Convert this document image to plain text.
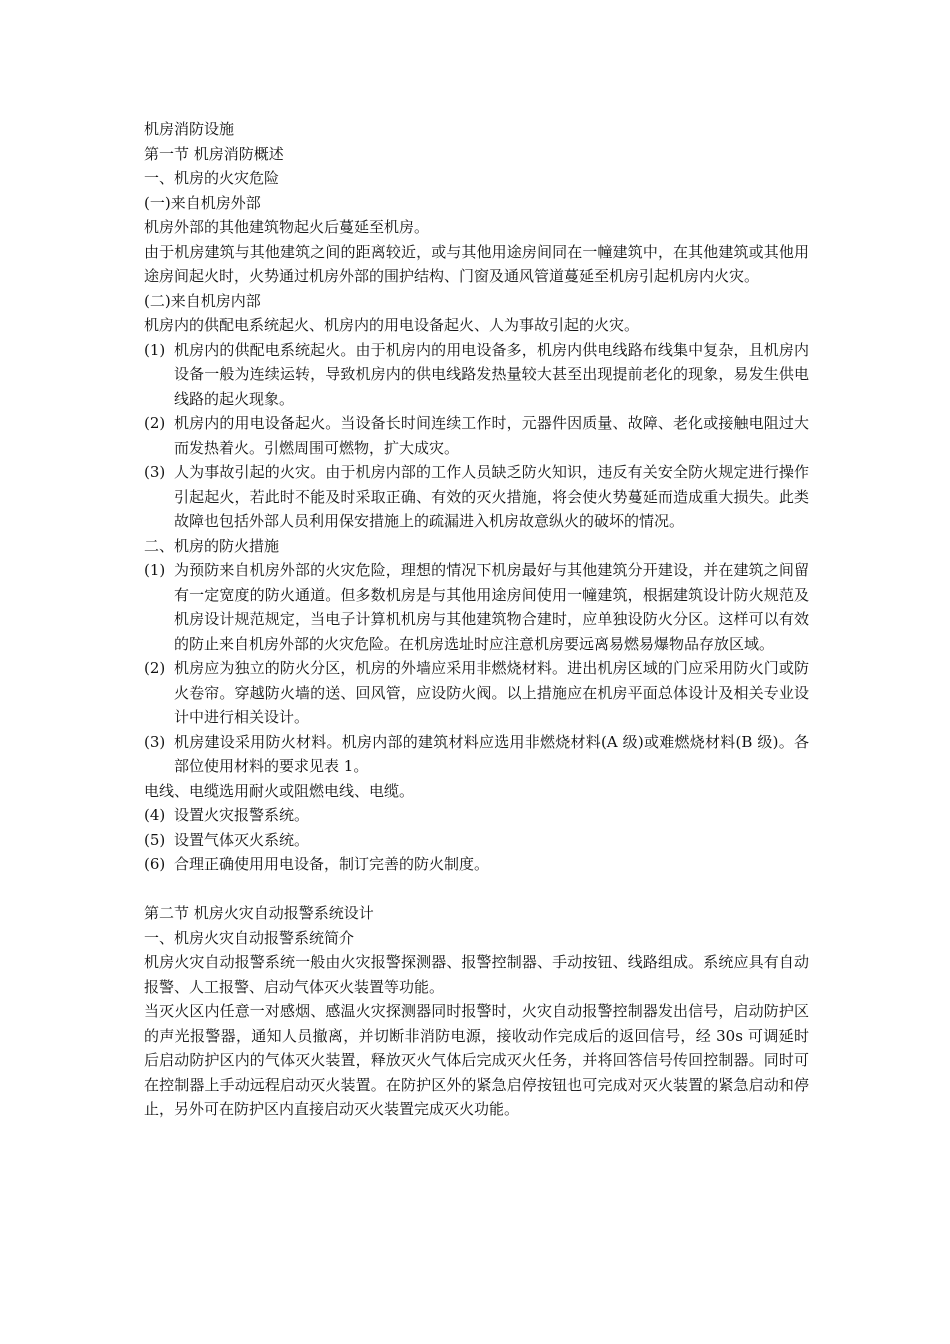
机房消防设施
第一节 机房消防概述
一、机房的火灾危险
(一)来自机房外部
机房外部的其他建筑物起火后蔓延至机房。
由于机房建筑与其他建筑之间的距离较近，或与其他用途房间同在一幢建筑中，在其他建筑或其他用途房间起火时，火势通过机房外部的围护结构、门窗及通风管道蔓延至机房引起机房内火灾。
(二)来自机房内部
机房内的供配电系统起火、机房内的用电设备起火、人为事故引起的火灾。
(1) 机房内的供配电系统起火。由于机房内的用电设备多，机房内供电线路布线集中复杂，且机房内设备一般为连续运转，导致机房内的供电线路发热量较大甚至出现提前老化的现象，易发生供电线路的起火现象。
(2) 机房内的用电设备起火。当设备长时间连续工作时，元器件因质量、故障、老化或接触电阻过大而发热着火。引燃周围可燃物，扩大成灾。
(3) 人为事故引起的火灾。由于机房内部的工作人员缺乏防火知识，违反有关安全防火规定进行操作引起起火，若此时不能及时采取正确、有效的灭火措施，将会使火势蔓延而造成重大损失。此类故障也包括外部人员利用保安措施上的疏漏进入机房故意纵火的破坏的情况。
二、机房的防火措施
(1) 为预防来自机房外部的火灾危险，理想的情况下机房最好与其他建筑分开建设，并在建筑之间留有一定宽度的防火通道。但多数机房是与其他用途房间使用一幢建筑，根据建筑设计防火规范及机房设计规范规定，当电子计算机机房与其他建筑物合建时，应单独设防火分区。这样可以有效的防止来自机房外部的火灾危险。在机房选址时应注意机房要远离易燃易爆物品存放区域。
(2) 机房应为独立的防火分区，机房的外墙应采用非燃烧材料。进出机房区域的门应采用防火门或防火卷帘。穿越防火墙的送、回风管，应设防火阀。以上措施应在机房平面总体设计及相关专业设计中进行相关设计。
(3) 机房建设采用防火材料。机房内部的建筑材料应选用非燃烧材料(A 级)或难燃烧材料(B 级)。各部位使用材料的要求见表 1。
电线、电缆选用耐火或阻燃电线、电缆。
(4) 设置火灾报警系统。
(5) 设置气体灭火系统。
(6) 合理正确使用用电设备，制订完善的防火制度。
第二节 机房火灾自动报警系统设计
一、机房火灾自动报警系统简介
机房火灾自动报警系统一般由火灾报警探测器、报警控制器、手动按钮、线路组成。系统应具有自动报警、人工报警、启动气体灭火装置等功能。
当灭火区内任意一对感烟、感温火灾探测器同时报警时，火灾自动报警控制器发出信号，启动防护区的声光报警器，通知人员撤离，并切断非消防电源，接收动作完成后的返回信号，经 30s 可调延时后启动防护区内的气体灭火装置，释放灭火气体后完成灭火任务，并将回答信号传回控制器。同时可在控制器上手动远程启动灭火装置。在防护区外的紧急启停按钮也可完成对灭火装置的紧急启动和停止，另外可在防护区内直接启动灭火装置完成灭火功能。
